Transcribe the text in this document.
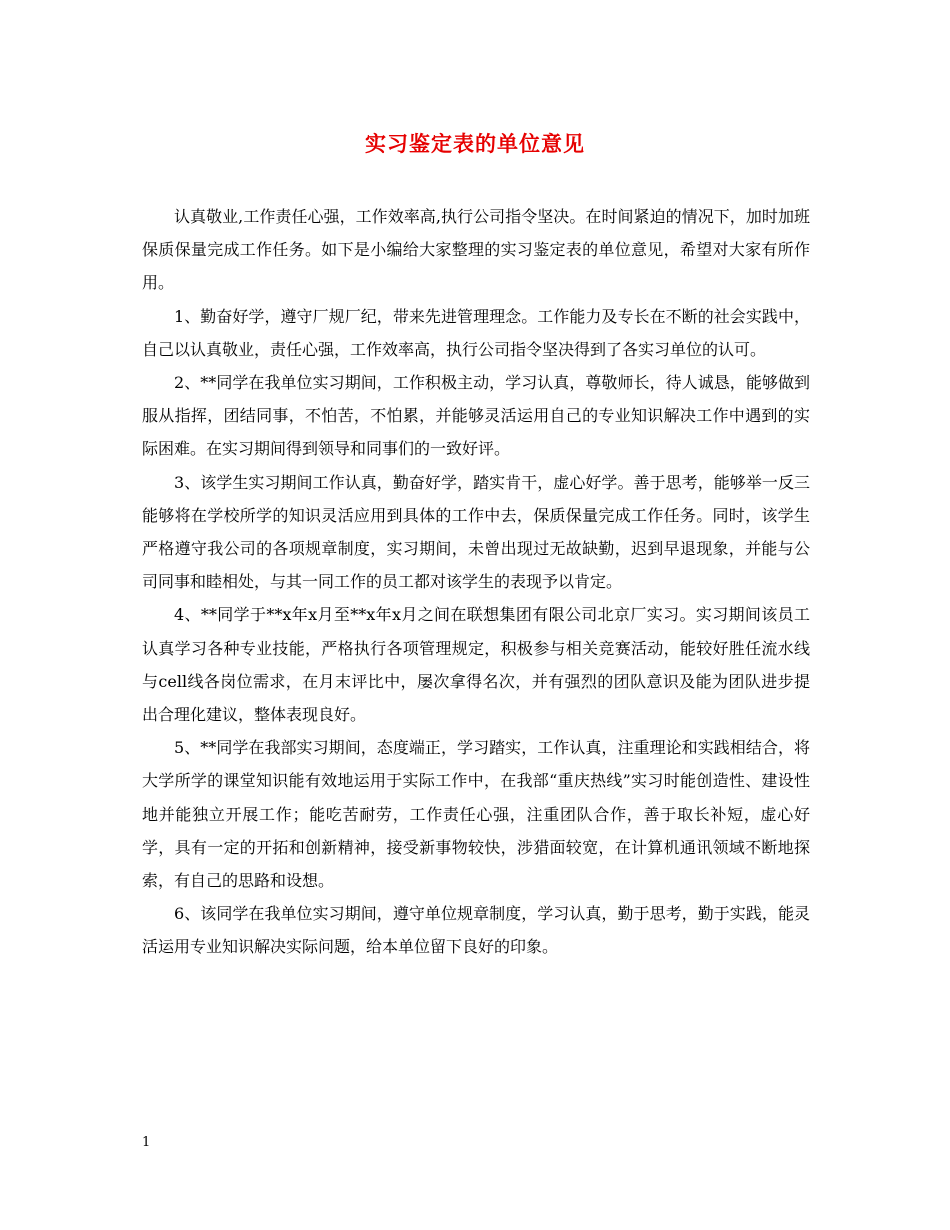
实习鉴定表的单位意见

认真敬业,工作责任心强，工作效率高,执行公司指令坚决。在时间紧迫的情况下，加时加班保质保量完成工作任务。如下是小编给大家整理的实习鉴定表的单位意见，希望对大家有所作用。

1、勤奋好学，遵守厂规厂纪，带来先进管理理念。工作能力及专长在不断的社会实践中，自己以认真敬业，责任心强，工作效率高，执行公司指令坚决得到了各实习单位的认可。

2、**同学在我单位实习期间，工作积极主动，学习认真，尊敬师长，待人诚恳，能够做到服从指挥，团结同事，不怕苦，不怕累，并能够灵活运用自己的专业知识解决工作中遇到的实际困难。在实习期间得到领导和同事们的一致好评。

3、该学生实习期间工作认真，勤奋好学，踏实肯干，虚心好学。善于思考，能够举一反三能够将在学校所学的知识灵活应用到具体的工作中去，保质保量完成工作任务。同时，该学生严格遵守我公司的各项规章制度，实习期间，未曾出现过无故缺勤，迟到早退现象，并能与公司同事和睦相处，与其一同工作的员工都对该学生的表现予以肯定。

4、**同学于**x年x月至**x年x月之间在联想集团有限公司北京厂实习。实习期间该员工认真学习各种专业技能，严格执行各项管理规定，积极参与相关竞赛活动，能较好胜任流水线与cell线各岗位需求，在月末评比中，屡次拿得名次，并有强烈的团队意识及能为团队进步提出合理化建议，整体表现良好。

5、**同学在我部实习期间，态度端正，学习踏实，工作认真，注重理论和实践相结合，将大学所学的课堂知识能有效地运用于实际工作中，在我部“重庆热线”实习时能创造性、建设性地并能独立开展工作；能吃苦耐劳，工作责任心强，注重团队合作，善于取长补短，虚心好学，具有一定的开拓和创新精神，接受新事物较快，涉猎面较宽，在计算机通讯领域不断地探索，有自己的思路和设想。

6、该同学在我单位实习期间，遵守单位规章制度，学习认真，勤于思考，勤于实践，能灵活运用专业知识解决实际问题，给本单位留下良好的印象。

1
